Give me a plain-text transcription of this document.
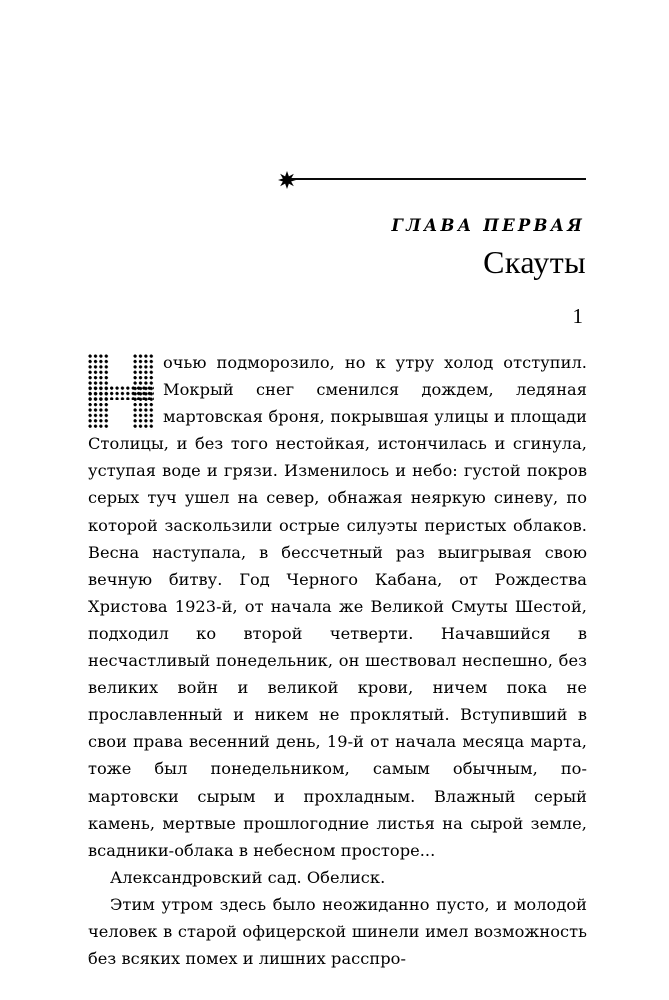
ГЛАВА ПЕРВАЯ
Скауты
1

очью подморозило, но к утру холод отступил. Мокрый снег сменился дождем, ледяная мартовская броня, покрывшая улицы и площади Столицы, и без того нестойкая, истончилась и сгинула, уступая воде и грязи. Изменилось и небо: густой покров серых туч ушел на север, обнажая неяркую синеву, по которой заскользили острые силуэты перистых облаков. Весна наступала, в бессчетный раз выигрывая свою вечную битву. Год Черного Кабана, от Рождества Христова 1923-й, от начала же Великой Смуты Шестой, подходил ко второй четверти. Начавшийся в несчастливый понедельник, он шествовал неспешно, без великих войн и великой крови, ничем пока не прославленный и никем не проклятый. Вступивший в свои права весенний день, 19-й от начала месяца марта, тоже был понедельником, самым обычным, по-мартовски сырым и прохладным. Влажный серый камень, мертвые прошлогодние листья на сырой земле, всадники-облака в небесном просторе...

Александровский сад. Обелиск.

Этим утром здесь было неожиданно пусто, и молодой человек в старой офицерской шинели имел возможность без всяких помех и лишних расспро-
